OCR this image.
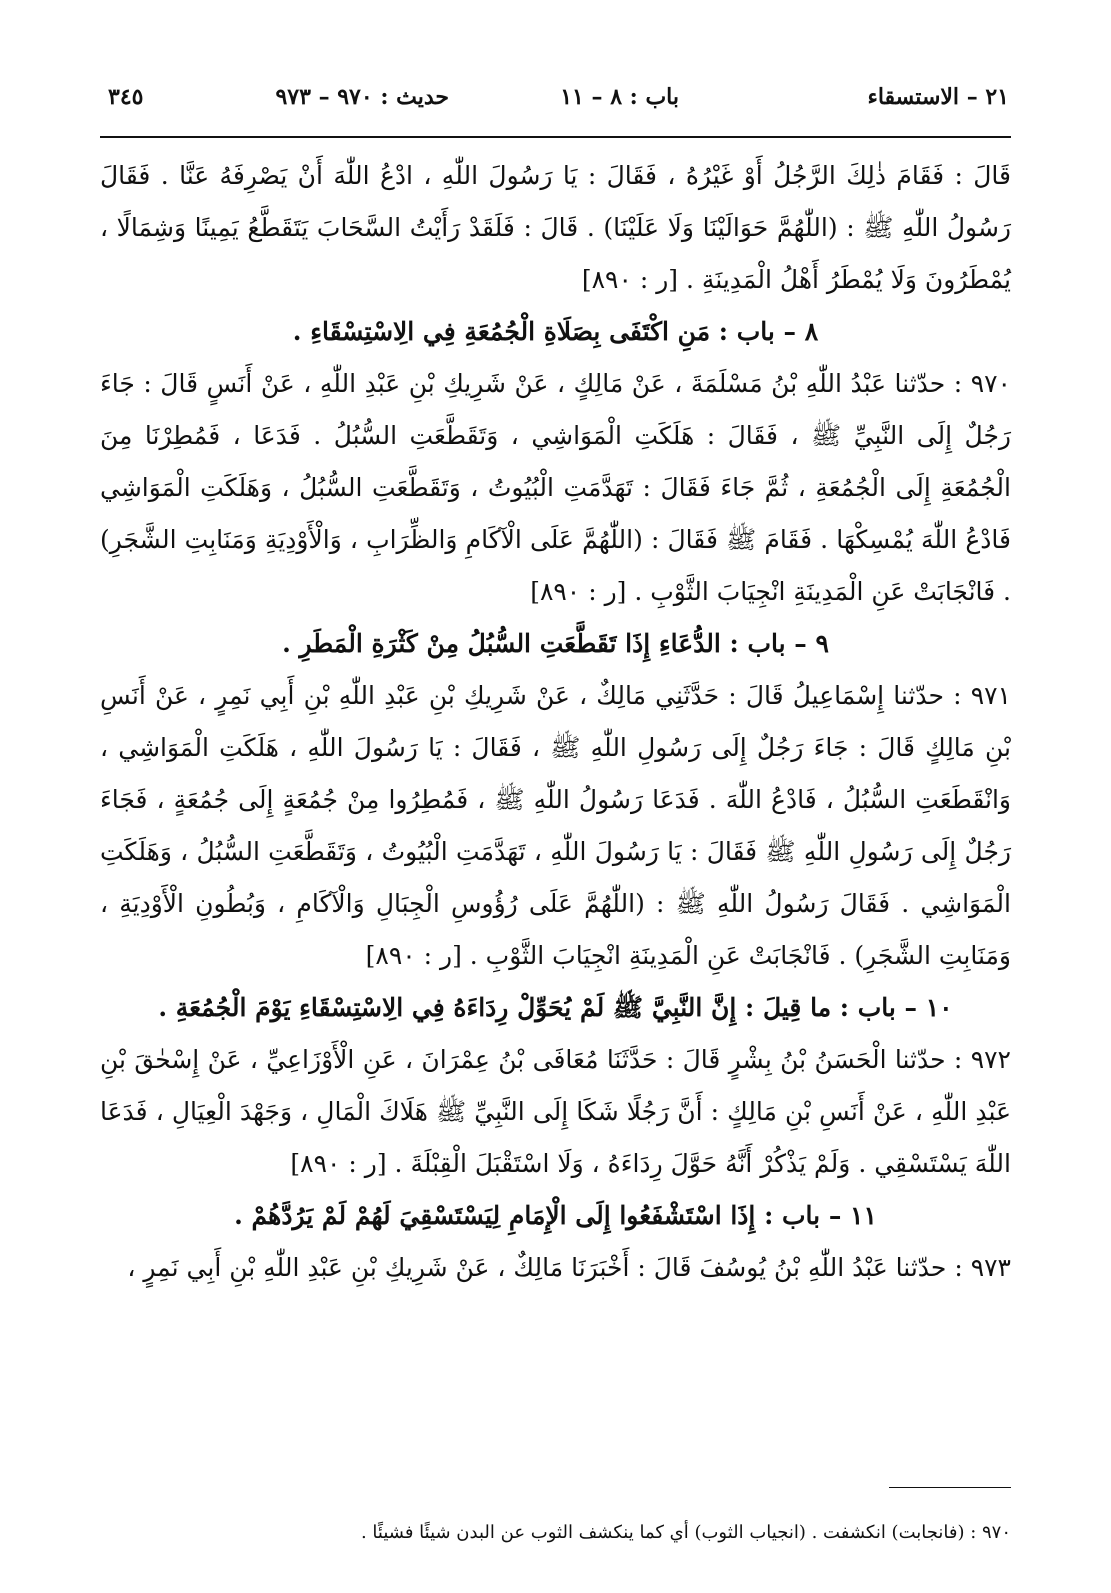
٢١ – الاستسقاء
باب : ٨ – ١١
حديث : ٩٧٠ – ٩٧٣
٣٤٥

قَالَ : فَقَامَ ذٰلِكَ الرَّجُلُ أَوْ غَيْرُهُ ، فَقَالَ : يَا رَسُولَ اللّٰهِ ، ادْعُ اللّٰهَ أَنْ يَصْرِفَهُ عَنَّا . فَقَالَ رَسُولُ اللّٰهِ ﷺ : (اللّٰهُمَّ حَوَالَيْنَا وَلَا عَلَيْنَا) . قَالَ : فَلَقَدْ رَأَيْتُ السَّحَابَ يَتَقَطَّعُ يَمِينًا وَشِمَالًا ، يُمْطَرُونَ وَلَا يُمْطَرُ أَهْلُ الْمَدِينَةِ . [ر : ٨٩٠]

٨ – باب : مَنِ اكْتَفَى بِصَلَاةِ الْجُمُعَةِ فِي الِاسْتِسْقَاءِ .

٩٧٠ : حدّثنا عَبْدُ اللّٰهِ بْنُ مَسْلَمَةَ ، عَنْ مَالِكٍ ، عَنْ شَرِيكِ بْنِ عَبْدِ اللّٰهِ ، عَنْ أَنَسٍ قَالَ : جَاءَ رَجُلٌ إِلَى النَّبِيِّ ﷺ ، فَقَالَ : هَلَكَتِ الْمَوَاشِي ، وَتَقَطَّعَتِ السُّبُلُ . فَدَعَا ، فَمُطِرْنَا مِنَ الْجُمُعَةِ إِلَى الْجُمُعَةِ ، ثُمَّ جَاءَ فَقَالَ : تَهَدَّمَتِ الْبُيُوتُ ، وَتَقَطَّعَتِ السُّبُلُ ، وَهَلَكَتِ الْمَوَاشِي فَادْعُ اللّٰهَ يُمْسِكْهَا . فَقَامَ ﷺ فَقَالَ : (اللّٰهُمَّ عَلَى الْآكَامِ وَالظِّرَابِ ، وَالْأَوْدِيَةِ وَمَنَابِتِ الشَّجَرِ) . فَانْجَابَتْ عَنِ الْمَدِينَةِ انْجِيَابَ الثَّوْبِ . [ر : ٨٩٠]

٩ – باب : الدُّعَاءِ إِذَا تَقَطَّعَتِ السُّبُلُ مِنْ كَثْرَةِ الْمَطَرِ .

٩٧١ : حدّثنا إِسْمَاعِيلُ قَالَ : حَدَّثَنِي مَالِكٌ ، عَنْ شَرِيكِ بْنِ عَبْدِ اللّٰهِ بْنِ أَبِي نَمِرٍ ، عَنْ أَنَسِ بْنِ مَالِكٍ قَالَ : جَاءَ رَجُلٌ إِلَى رَسُولِ اللّٰهِ ﷺ ، فَقَالَ : يَا رَسُولَ اللّٰهِ ، هَلَكَتِ الْمَوَاشِي ، وَانْقَطَعَتِ السُّبُلُ ، فَادْعُ اللّٰهَ . فَدَعَا رَسُولُ اللّٰهِ ﷺ ، فَمُطِرُوا مِنْ جُمُعَةٍ إِلَى جُمُعَةٍ ، فَجَاءَ رَجُلٌ إِلَى رَسُولِ اللّٰهِ ﷺ فَقَالَ : يَا رَسُولَ اللّٰهِ ، تَهَدَّمَتِ الْبُيُوتُ ، وَتَقَطَّعَتِ السُّبُلُ ، وَهَلَكَتِ الْمَوَاشِي . فَقَالَ رَسُولُ اللّٰهِ ﷺ : (اللّٰهُمَّ عَلَى رُؤُوسِ الْجِبَالِ وَالْآكَامِ ، وَبُطُونِ الْأَوْدِيَةِ ، وَمَنَابِتِ الشَّجَرِ) . فَانْجَابَتْ عَنِ الْمَدِينَةِ انْجِيَابَ الثَّوْبِ . [ر : ٨٩٠]

١٠ – باب : ما قِيلَ : إِنَّ النَّبِيَّ ﷺ لَمْ يُحَوِّلْ رِدَاءَهُ فِي الِاسْتِسْقَاءِ يَوْمَ الْجُمُعَةِ .

٩٧٢ : حدّثنا الْحَسَنُ بْنُ بِشْرٍ قَالَ : حَدَّثَنَا مُعَافَى بْنُ عِمْرَانَ ، عَنِ الْأَوْزَاعِيِّ ، عَنْ إِسْحٰقَ بْنِ عَبْدِ اللّٰهِ ، عَنْ أَنَسِ بْنِ مَالِكٍ : أَنَّ رَجُلًا شَكَا إِلَى النَّبِيِّ ﷺ هَلَاكَ الْمَالِ ، وَجَهْدَ الْعِيَالِ ، فَدَعَا اللّٰهَ يَسْتَسْقِي . وَلَمْ يَذْكُرْ أَنَّهُ حَوَّلَ رِدَاءَهُ ، وَلَا اسْتَقْبَلَ الْقِبْلَةَ . [ر : ٨٩٠]

١١ – باب : إِذَا اسْتَشْفَعُوا إِلَى الْإِمَامِ لِيَسْتَسْقِيَ لَهُمْ لَمْ يَرُدَّهُمْ .

٩٧٣ : حدّثنا عَبْدُ اللّٰهِ بْنُ يُوسُفَ قَالَ : أَخْبَرَنَا مَالِكٌ ، عَنْ شَرِيكِ بْنِ عَبْدِ اللّٰهِ بْنِ أَبِي نَمِرٍ ،

٩٧٠ : (فانجابت) انكشفت . (انجياب الثوب) أي كما ينكشف الثوب عن البدن شيئًا فشيئًا .
